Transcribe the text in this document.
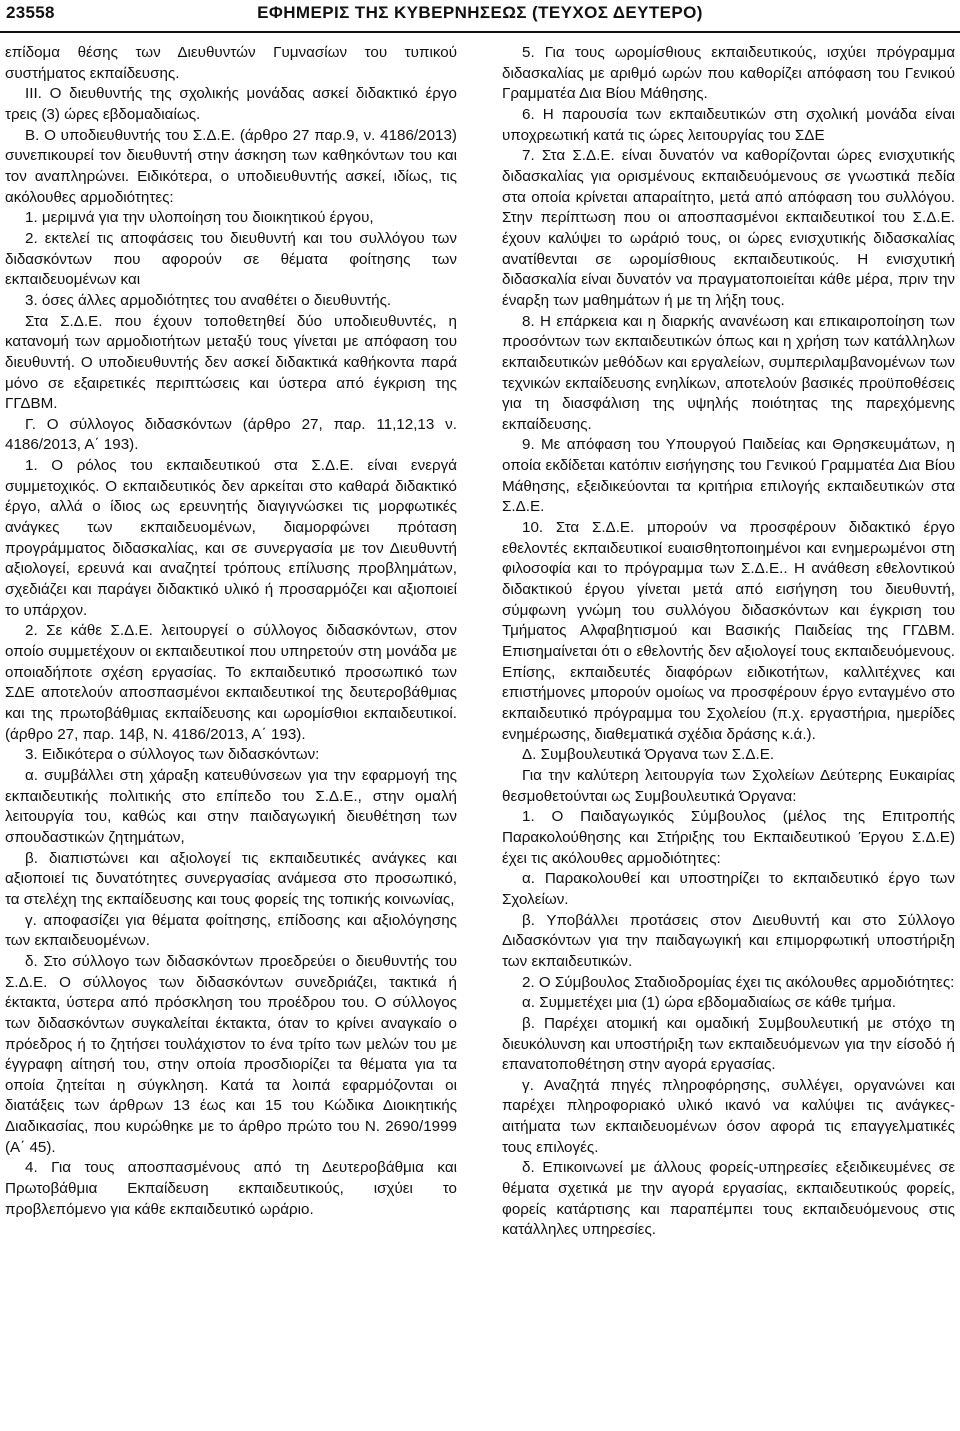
23558	ΕΦΗΜΕΡΙΣ ΤΗΣ ΚΥΒΕΡΝΗΣΕΩΣ (ΤΕΥΧΟΣ ΔΕΥΤΕΡΟ)

επίδομα θέσης των Διευθυντών Γυμνασίων του τυπικού συστήματος εκπαίδευσης.

ΙΙΙ. Ο διευθυντής της σχολικής μονάδας ασκεί διδακτικό έργο τρεις (3) ώρες εβδομαδιαίως.

Β. Ο υποδιευθυντής του Σ.Δ.Ε. (άρθρο 27 παρ.9, ν. 4186/2013) συνεπικουρεί τον διευθυντή στην άσκηση των καθηκόντων του και τον αναπληρώνει. Ειδικότερα, ο υποδιευθυντής ασκεί, ιδίως, τις ακόλουθες αρμοδιότητες:

1. μεριμνά για την υλοποίηση του διοικητικού έργου,

2. εκτελεί τις αποφάσεις του διευθυντή και του συλλόγου των διδασκόντων που αφορούν σε θέματα φοίτησης των εκπαιδευομένων και

3. όσες άλλες αρμοδιότητες του αναθέτει ο διευθυντής.

Στα Σ.Δ.Ε. που έχουν τοποθετηθεί δύο υποδιευθυντές, η κατανομή των αρμοδιοτήτων μεταξύ τους γίνεται με απόφαση του διευθυντή. Ο υποδιευθυντής δεν ασκεί διδακτικά καθήκοντα παρά μόνο σε εξαιρετικές περιπτώσεις και ύστερα από έγκριση της ΓΓΔΒΜ.

Γ. Ο σύλλογος διδασκόντων (άρθρο 27, παρ. 11,12,13 ν. 4186/2013, Α΄ 193).

1. Ο ρόλος του εκπαιδευτικού στα Σ.Δ.Ε. είναι ενεργά συμμετοχικός. Ο εκπαιδευτικός δεν αρκείται στο καθαρά διδακτικό έργο, αλλά ο ίδιος ως ερευνητής διαγιγνώσκει τις μορφωτικές ανάγκες των εκπαιδευομένων, διαμορφώνει πρόταση προγράμματος διδασκαλίας, και σε συνεργασία με τον Διευθυντή αξιολογεί, ερευνά και αναζητεί τρόπους επίλυσης προβλημάτων, σχεδιάζει και παράγει διδακτικό υλικό ή προσαρμόζει και αξιοποιεί το υπάρχον.

2. Σε κάθε Σ.Δ.Ε. λειτουργεί ο σύλλογος διδασκόντων, στον οποίο συμμετέχουν οι εκπαιδευτικοί που υπηρετούν στη μονάδα με οποιαδήποτε σχέση εργασίας. Το εκπαιδευτικό προσωπικό των ΣΔΕ αποτελούν αποσπασμένοι εκπαιδευτικοί της δευτεροβάθμιας και της πρωτοβάθμιας εκπαίδευσης και ωρομίσθιοι εκπαιδευτικοί. (άρθρο 27, παρ. 14β, Ν. 4186/2013, Α΄ 193).

3. Ειδικότερα ο σύλλογος των διδασκόντων:

α. συμβάλλει στη χάραξη κατευθύνσεων για την εφαρμογή της εκπαιδευτικής πολιτικής στο επίπεδο του Σ.Δ.Ε., στην ομαλή λειτουργία του, καθώς και στην παιδαγωγική διευθέτηση των σπουδαστικών ζητημάτων,

β. διαπιστώνει και αξιολογεί τις εκπαιδευτικές ανάγκες και αξιοποιεί τις δυνατότητες συνεργασίας ανάμεσα στο προσωπικό, τα στελέχη της εκπαίδευσης και τους φορείς της τοπικής κοινωνίας,

γ. αποφασίζει για θέματα φοίτησης, επίδοσης και αξιολόγησης των εκπαιδευομένων.

δ. Στο σύλλογο των διδασκόντων προεδρεύει ο διευθυντής του Σ.Δ.Ε. Ο σύλλογος των διδασκόντων συνεδριάζει, τακτικά ή έκτακτα, ύστερα από πρόσκληση του προέδρου του. Ο σύλλογος των διδασκόντων συγκαλείται έκτακτα, όταν το κρίνει αναγκαίο ο πρόεδρος ή το ζητήσει τουλάχιστον το ένα τρίτο των μελών του με έγγραφη αίτησή του, στην οποία προσδιορίζει τα θέματα για τα οποία ζητείται η σύγκληση. Κατά τα λοιπά εφαρμόζονται οι διατάξεις των άρθρων 13 έως και 15 του Κώδικα Διοικητικής Διαδικασίας, που κυρώθηκε με το άρθρο πρώτο του Ν. 2690/1999 (Α΄ 45).

4. Για τους αποσπασμένους από τη Δευτεροβάθμια και Πρωτοβάθμια Εκπαίδευση εκπαιδευτικούς, ισχύει το προβλεπόμενο για κάθε εκπαιδευτικό ωράριο.

5. Για τους ωρομίσθιους εκπαιδευτικούς, ισχύει πρόγραμμα διδασκαλίας με αριθμό ωρών που καθορίζει απόφαση του Γενικού Γραμματέα Δια Βίου Μάθησης.

6. Η παρουσία των εκπαιδευτικών στη σχολική μονάδα είναι υποχρεωτική κατά τις ώρες λειτουργίας του ΣΔΕ

7. Στα Σ.Δ.Ε. είναι δυνατόν να καθορίζονται ώρες ενισχυτικής διδασκαλίας για ορισμένους εκπαιδευόμενους σε γνωστικά πεδία στα οποία κρίνεται απαραίτητο, μετά από απόφαση του συλλόγου. Στην περίπτωση που οι αποσπασμένοι εκπαιδευτικοί του Σ.Δ.Ε. έχουν καλύψει το ωράριό τους, οι ώρες ενισχυτικής διδασκαλίας ανατίθενται σε ωρομίσθιους εκπαιδευτικούς. Η ενισχυτική διδασκαλία είναι δυνατόν να πραγματοποιείται κάθε μέρα, πριν την έναρξη των μαθημάτων ή με τη λήξη τους.

8. Η επάρκεια και η διαρκής ανανέωση και επικαιροποίηση των προσόντων των εκπαιδευτικών όπως και η χρήση των κατάλληλων εκπαιδευτικών μεθόδων και εργαλείων, συμπεριλαμβανομένων των τεχνικών εκπαίδευσης ενηλίκων, αποτελούν βασικές προϋποθέσεις για τη διασφάλιση της υψηλής ποιότητας της παρεχόμενης εκπαίδευσης.

9. Με απόφαση του Υπουργού Παιδείας και Θρησκευμάτων, η οποία εκδίδεται κατόπιν εισήγησης του Γενικού Γραμματέα Δια Βίου Μάθησης, εξειδικεύονται τα κριτήρια επιλογής εκπαιδευτικών στα Σ.Δ.Ε.

10. Στα Σ.Δ.Ε. μπορούν να προσφέρουν διδακτικό έργο εθελοντές εκπαιδευτικοί ευαισθητοποιημένοι και ενημερωμένοι στη φιλοσοφία και το πρόγραμμα των Σ.Δ.Ε.. Η ανάθεση εθελοντικού διδακτικού έργου γίνεται μετά από εισήγηση του διευθυντή, σύμφωνη γνώμη του συλλόγου διδασκόντων και έγκριση του Τμήματος Αλφαβητισμού και Βασικής Παιδείας της ΓΓΔΒΜ. Επισημαίνεται ότι ο εθελοντής δεν αξιολογεί τους εκπαιδευόμενους. Επίσης, εκπαιδευτές διαφόρων ειδικοτήτων, καλλιτέχνες και επιστήμονες μπορούν ομοίως να προσφέρουν έργο ενταγμένο στο εκπαιδευτικό πρόγραμμα του Σχολείου (π.χ. εργαστήρια, ημερίδες ενημέρωσης, διαθεματικά σχέδια δράσης κ.ά.).

Δ. Συμβουλευτικά Όργανα των Σ.Δ.Ε.

Για την καλύτερη λειτουργία των Σχολείων Δεύτερης Ευκαιρίας θεσμοθετούνται ως Συμβουλευτικά Όργανα:

1. Ο Παιδαγωγικός Σύμβουλος (μέλος της Επιτροπής Παρακολούθησης και Στήριξης του Εκπαιδευτικού Έργου Σ.Δ.Ε) έχει τις ακόλουθες αρμοδιότητες:

α. Παρακολουθεί και υποστηρίζει το εκπαιδευτικό έργο των Σχολείων.

β. Υποβάλλει προτάσεις στον Διευθυντή και στο Σύλλογο Διδασκόντων για την παιδαγωγική και επιμορφωτική υποστήριξη των εκπαιδευτικών.

2. Ο Σύμβουλος Σταδιοδρομίας έχει τις ακόλουθες αρμοδιότητες:

α. Συμμετέχει μια (1) ώρα εβδομαδιαίως σε κάθε τμήμα.

β. Παρέχει ατομική και ομαδική Συμβουλευτική με στόχο τη διευκόλυνση και υποστήριξη των εκπαιδευόμενων για την είσοδό ή επανατοποθέτηση στην αγορά εργασίας.

γ. Αναζητά πηγές πληροφόρησης, συλλέγει, οργανώνει και παρέχει πληροφοριακό υλικό ικανό να καλύψει τις ανάγκες-αιτήματα των εκπαιδευομένων όσον αφορά τις επαγγελματικές τους επιλογές.

δ. Επικοινωνεί με άλλους φορείς-υπηρεσίες εξειδικευμένες σε θέματα σχετικά με την αγορά εργασίας, εκπαιδευτικούς φορείς, φορείς κατάρτισης και παραπέμπει τους εκπαιδευόμενους στις κατάλληλες υπηρεσίες.
